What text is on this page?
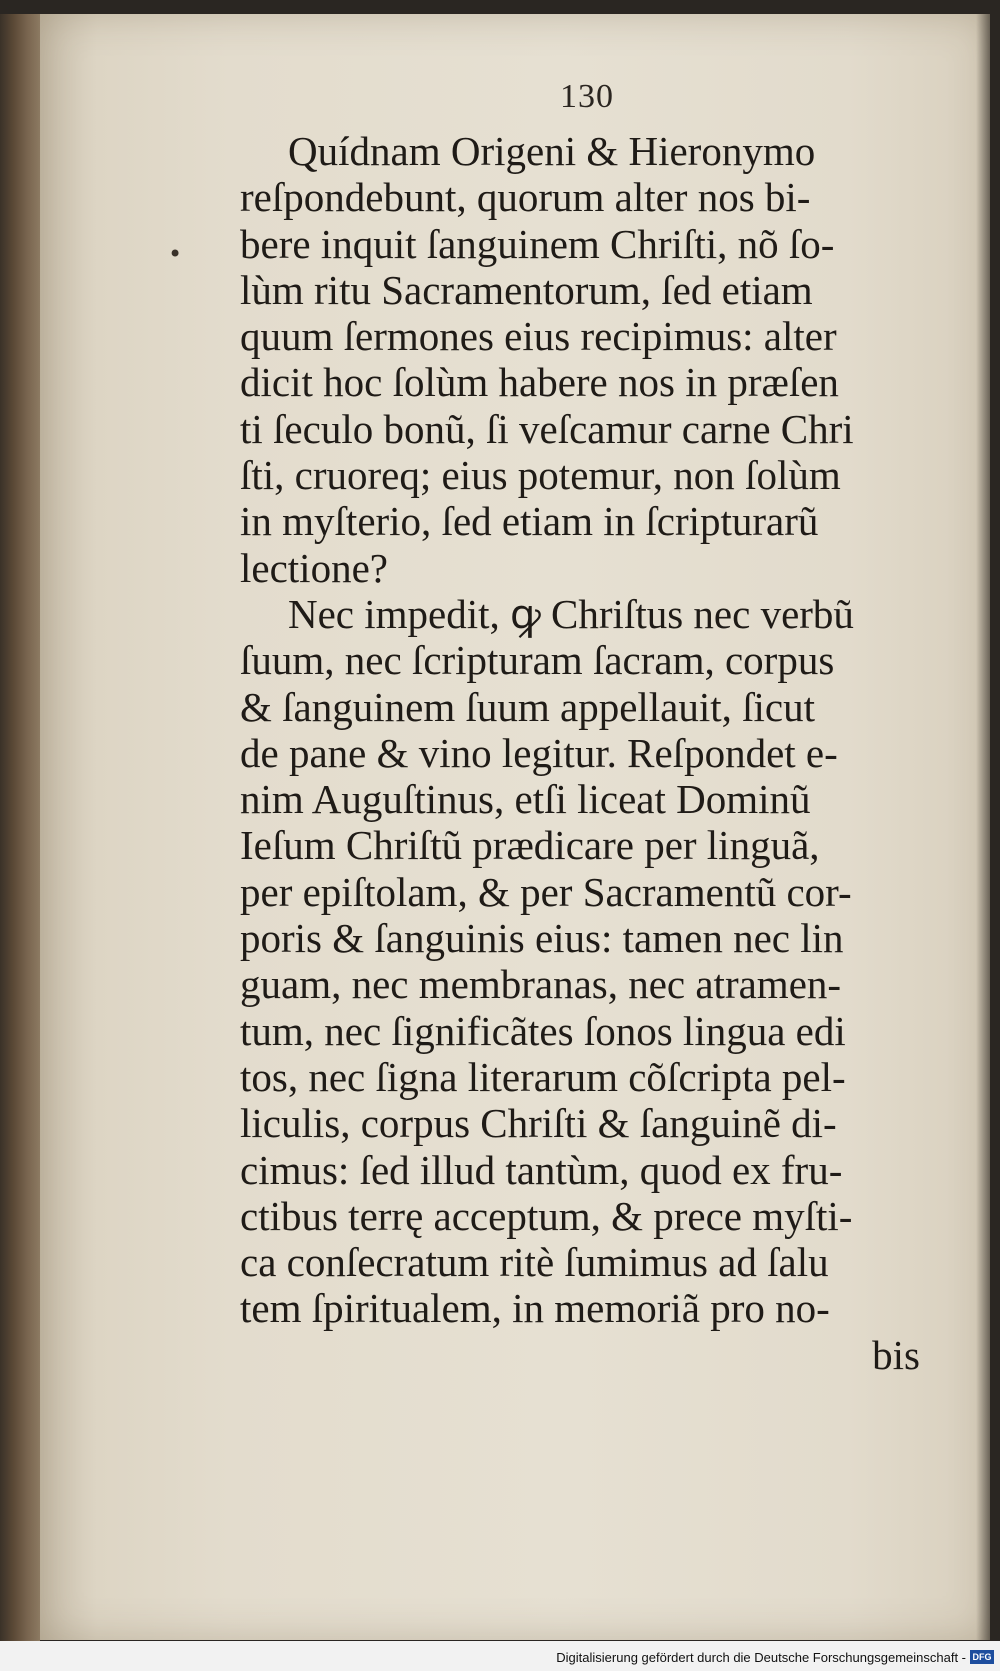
130
•
Quídnam Origeni & Hieronymo
reſpondebunt, quorum alter nos bi-
bere inquit ſanguinem Chriſti, nõ ſo-
lùm ritu Sacramentorum, ſed etiam
quum ſermones eius recipimus: alter
dicit hoc ſolùm habere nos in præſen
ti ſeculo bonũ, ſi veſcamur carne Chri
ſti, cruoreq; eius potemur, non ſolùm
in myſterio, ſed etiam in ſcripturarũ
lectione?
Nec impedit, ꝙ Chriſtus nec verbũ
ſuum, nec ſcripturam ſacram, corpus
& ſanguinem ſuum appellauit, ſicut
de pane & vino legitur. Reſpondet e-
nim Auguſtinus, etſi liceat Dominũ
Ieſum Chriſtũ prædicare per linguã,
per epiſtolam, & per Sacramentũ cor-
poris & ſanguinis eius: tamen nec lin
guam, nec membranas, nec atramen-
tum, nec ſignificãtes ſonos lingua edi
tos, nec ſigna literarum cõſcripta pel-
liculis, corpus Chriſti & ſanguinẽ di-
cimus: ſed illud tantùm, quod ex fru-
ctibus terrę acceptum, & prece myſti-
ca conſecratum ritè ſumimus ad ſalu
tem ſpiritualem, in memoriã pro no-
bis
Digitalisierung gefördert durch die Deutsche Forschungsgemeinschaft - DFG
